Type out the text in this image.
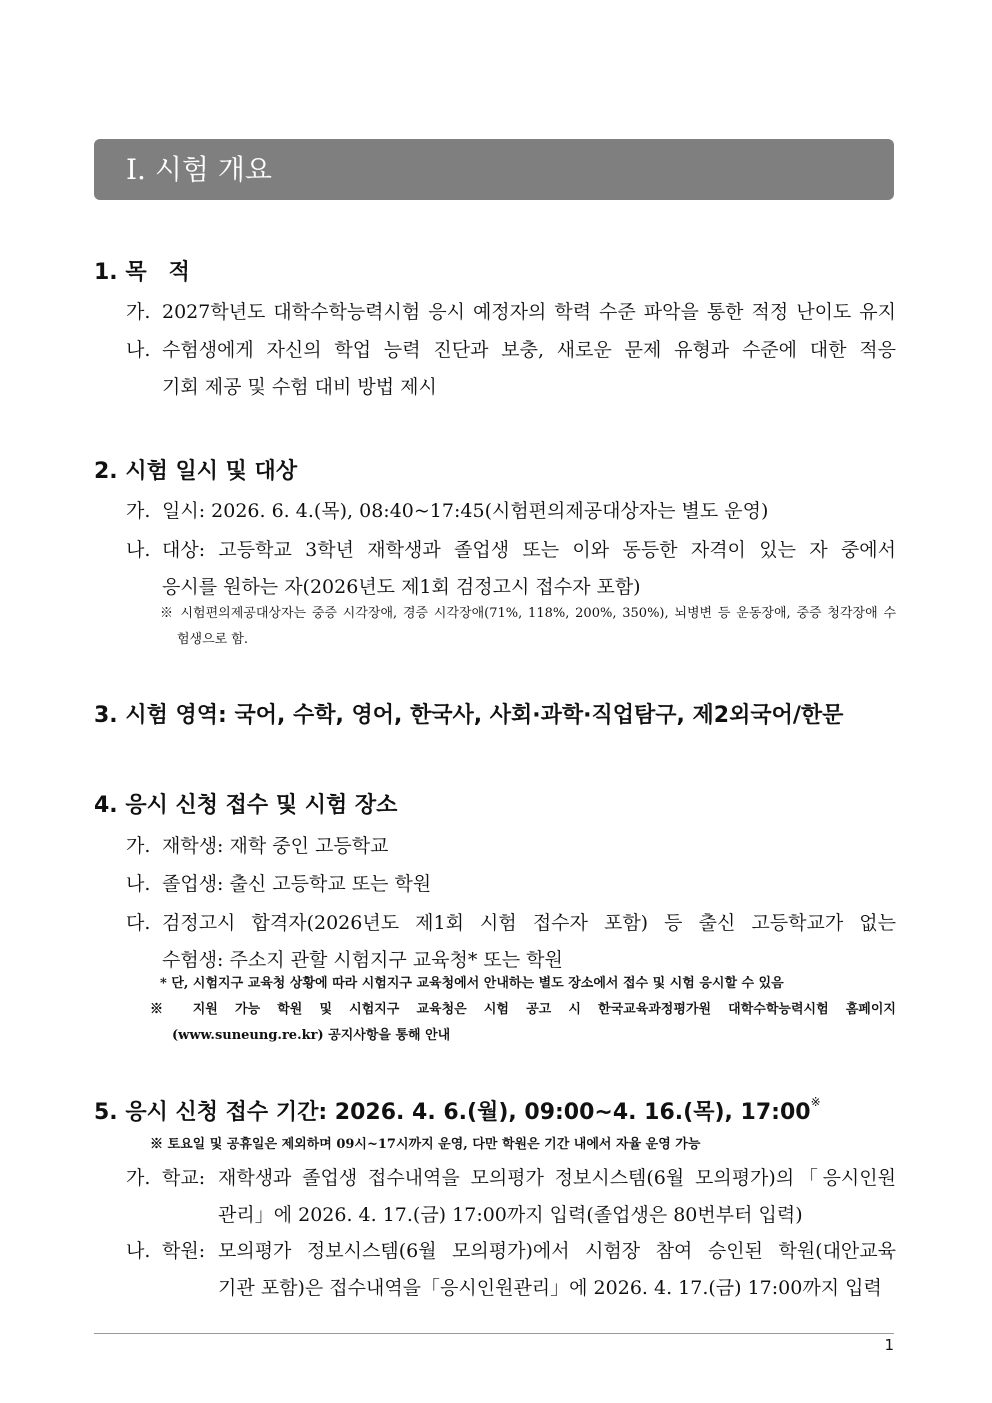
Ⅰ. 시험 개요
1. 목　적
가. 2027학년도 대학수학능력시험 응시 예정자의 학력 수준 파악을 통한 적정 난이도 유지
나. 수험생에게 자신의 학업 능력 진단과 보충, 새로운 문제 유형과 수준에 대한 적응
기회 제공 및 수험 대비 방법 제시
2. 시험 일시 및 대상
가. 일시: 2026. 6. 4.(목), 08:40~17:45(시험편의제공대상자는 별도 운영)
나. 대상: 고등학교 3학년 재학생과 졸업생 또는 이와 동등한 자격이 있는 자 중에서
응시를 원하는 자(2026년도 제1회 검정고시 접수자 포함)
※ 시험편의제공대상자는 중증 시각장애, 경증 시각장애(71%, 118%, 200%, 350%), 뇌병변 등 운동장애, 중증 청각장애 수
험생으로 함.
3. 시험 영역: 국어, 수학, 영어, 한국사, 사회·과학·직업탐구, 제2외국어/한문
4. 응시 신청 접수 및 시험 장소
가. 재학생: 재학 중인 고등학교
나. 졸업생: 출신 고등학교 또는 학원
다. 검정고시 합격자(2026년도 제1회 시험 접수자 포함) 등 출신 고등학교가 없는
수험생: 주소지 관할 시험지구 교육청* 또는 학원
* 단, 시험지구 교육청 상황에 따라 시험지구 교육청에서 안내하는 별도 장소에서 접수 및 시험 응시할 수 있음
※ 지원 가능 학원 및 시험지구 교육청은 시험 공고 시 한국교육과정평가원 대학수학능력시험 홈페이지
(www.suneung.re.kr) 공지사항을 통해 안내
5. 응시 신청 접수 기간: 2026. 4. 6.(월), 09:00~4. 16.(목), 17:00※
※ 토요일 및 공휴일은 제외하며 09시~17시까지 운영, 다만 학원은 기간 내에서 자율 운영 가능
가. 학교: 재학생과 졸업생 접수내역을 모의평가 정보시스템(6월 모의평가)의「응시인원
관리」에 2026. 4. 17.(금) 17:00까지 입력(졸업생은 80번부터 입력)
나. 학원: 모의평가 정보시스템(6월 모의평가)에서 시험장 참여 승인된 학원(대안교육
기관 포함)은 접수내역을「응시인원관리」에 2026. 4. 17.(금) 17:00까지 입력
1
